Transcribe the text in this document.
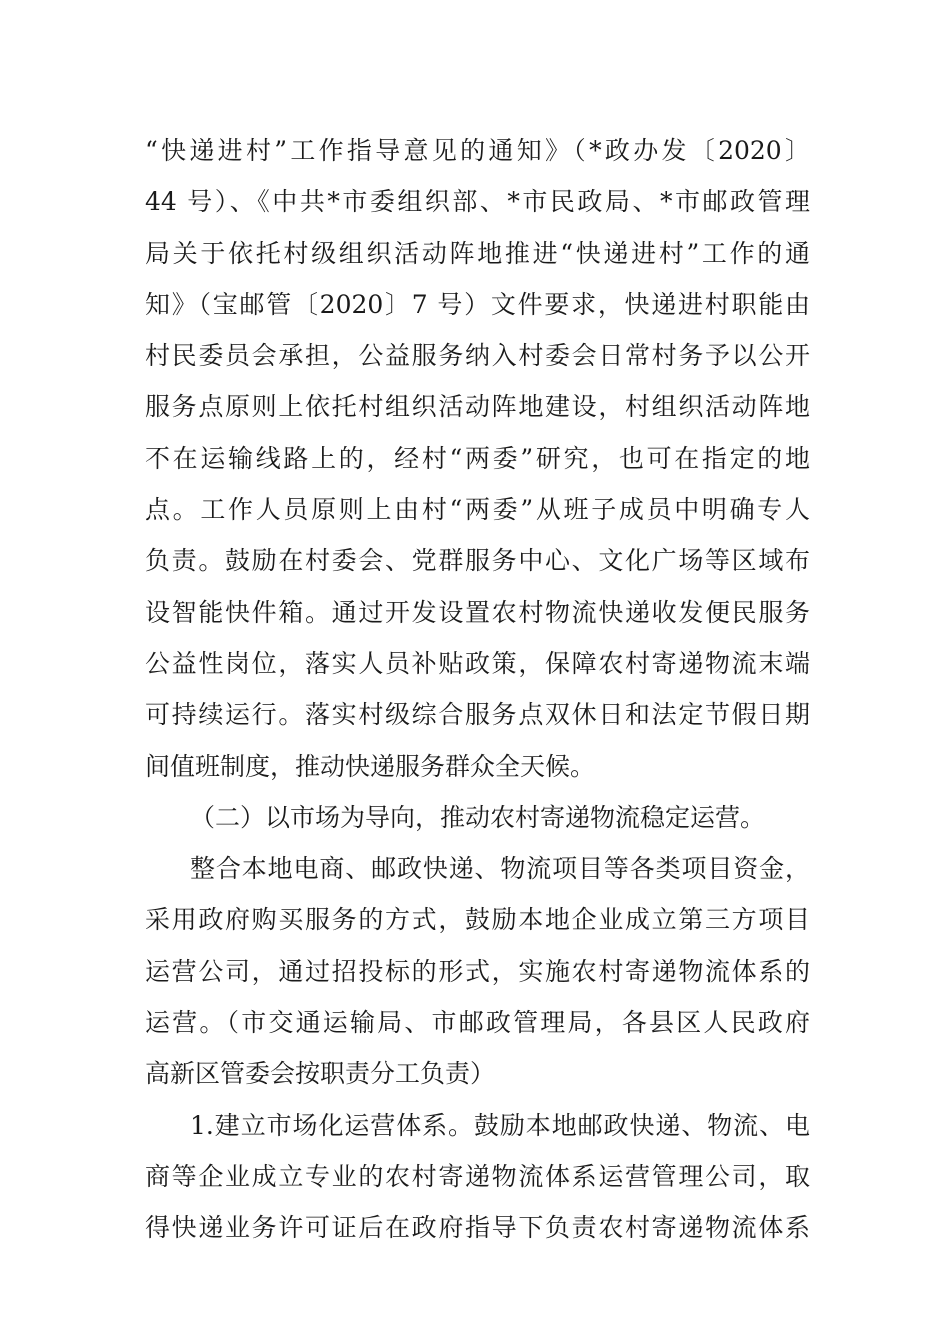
“快递进村”工作指导意见的通知》（*政办发〔2020〕
44 号）、《中共*市委组织部、*市民政局、*市邮政管理
局关于依托村级组织活动阵地推进“快递进村”工作的通
知》（宝邮管〔2020〕7 号）文件要求，快递进村职能由
村民委员会承担，公益服务纳入村委会日常村务予以公开
服务点原则上依托村组织活动阵地建设，村组织活动阵地
不在运输线路上的，经村“两委”研究，也可在指定的地
点。工作人员原则上由村“两委”从班子成员中明确专人
负责。鼓励在村委会、党群服务中心、文化广场等区域布
设智能快件箱。通过开发设置农村物流快递收发便民服务
公益性岗位，落实人员补贴政策，保障农村寄递物流末端
可持续运行。落实村级综合服务点双休日和法定节假日期
间值班制度，推动快递服务群众全天候。
（二）以市场为导向，推动农村寄递物流稳定运营。
整合本地电商、邮政快递、物流项目等各类项目资金，
采用政府购买服务的方式，鼓励本地企业成立第三方项目
运营公司，通过招投标的形式，实施农村寄递物流体系的
运营。（市交通运输局、市邮政管理局，各县区人民政府
高新区管委会按职责分工负责）
1.建立市场化运营体系。鼓励本地邮政快递、物流、电
商等企业成立专业的农村寄递物流体系运营管理公司，取
得快递业务许可证后在政府指导下负责农村寄递物流体系
